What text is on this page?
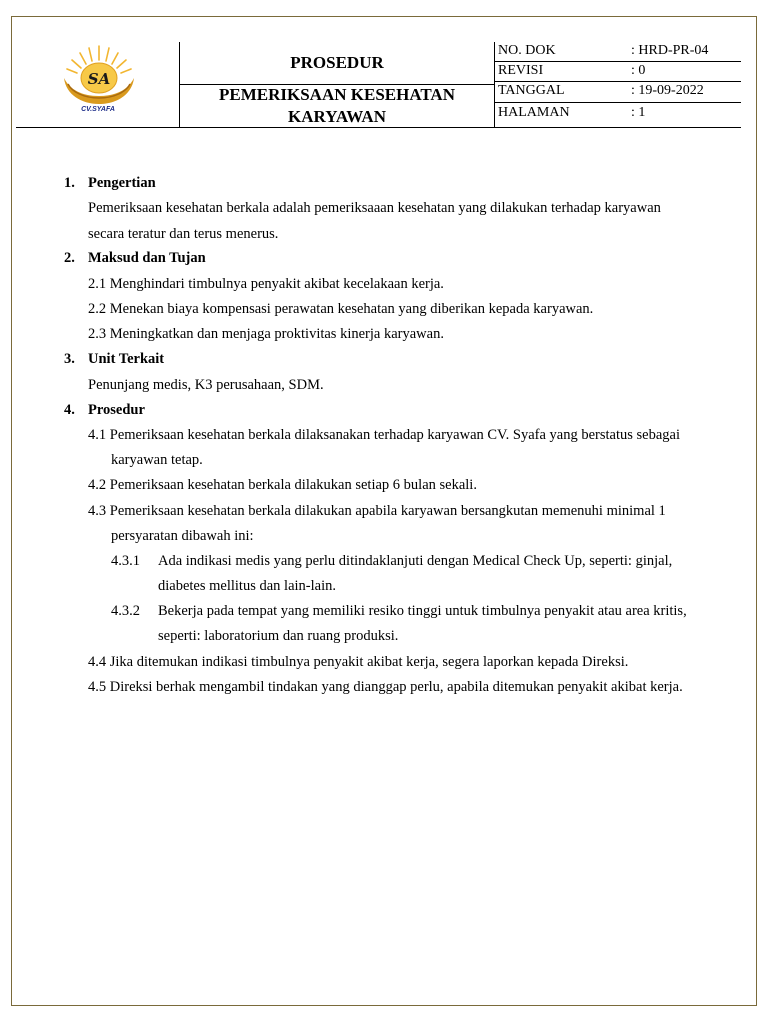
SA
CV.SYAFA
PROSEDUR
PEMERIKSAAN KESEHATAN
KARYAWAN
NO. DOK	: HRD-PR-04
REVISI	: 0
TANGGAL	: 19-09-2022
HALAMAN	: 1
1. Pengertian
Pemeriksaan kesehatan berkala adalah pemeriksaaan kesehatan yang dilakukan terhadap karyawan
secara teratur dan terus menerus.
2. Maksud dan Tujan
2.1 Menghindari timbulnya penyakit akibat kecelakaan kerja.
2.2 Menekan biaya kompensasi perawatan kesehatan yang diberikan kepada karyawan.
2.3 Meningkatkan dan menjaga proktivitas kinerja karyawan.
3. Unit Terkait
Penunjang medis, K3 perusahaan, SDM.
4. Prosedur
4.1 Pemeriksaan kesehatan berkala dilaksanakan terhadap karyawan CV. Syafa yang berstatus sebagai
karyawan tetap.
4.2 Pemeriksaan kesehatan berkala dilakukan setiap 6 bulan sekali.
4.3 Pemeriksaan kesehatan berkala dilakukan apabila karyawan bersangkutan memenuhi minimal 1
persyaratan dibawah ini:
4.3.1 Ada indikasi medis yang perlu ditindaklanjuti dengan Medical Check Up, seperti: ginjal,
diabetes mellitus dan lain-lain.
4.3.2 Bekerja pada tempat yang memiliki resiko tinggi untuk timbulnya penyakit atau area kritis,
seperti: laboratorium dan ruang produksi.
4.4 Jika ditemukan indikasi timbulnya penyakit akibat kerja, segera laporkan kepada Direksi.
4.5 Direksi berhak mengambil tindakan yang dianggap perlu, apabila ditemukan penyakit akibat kerja.
